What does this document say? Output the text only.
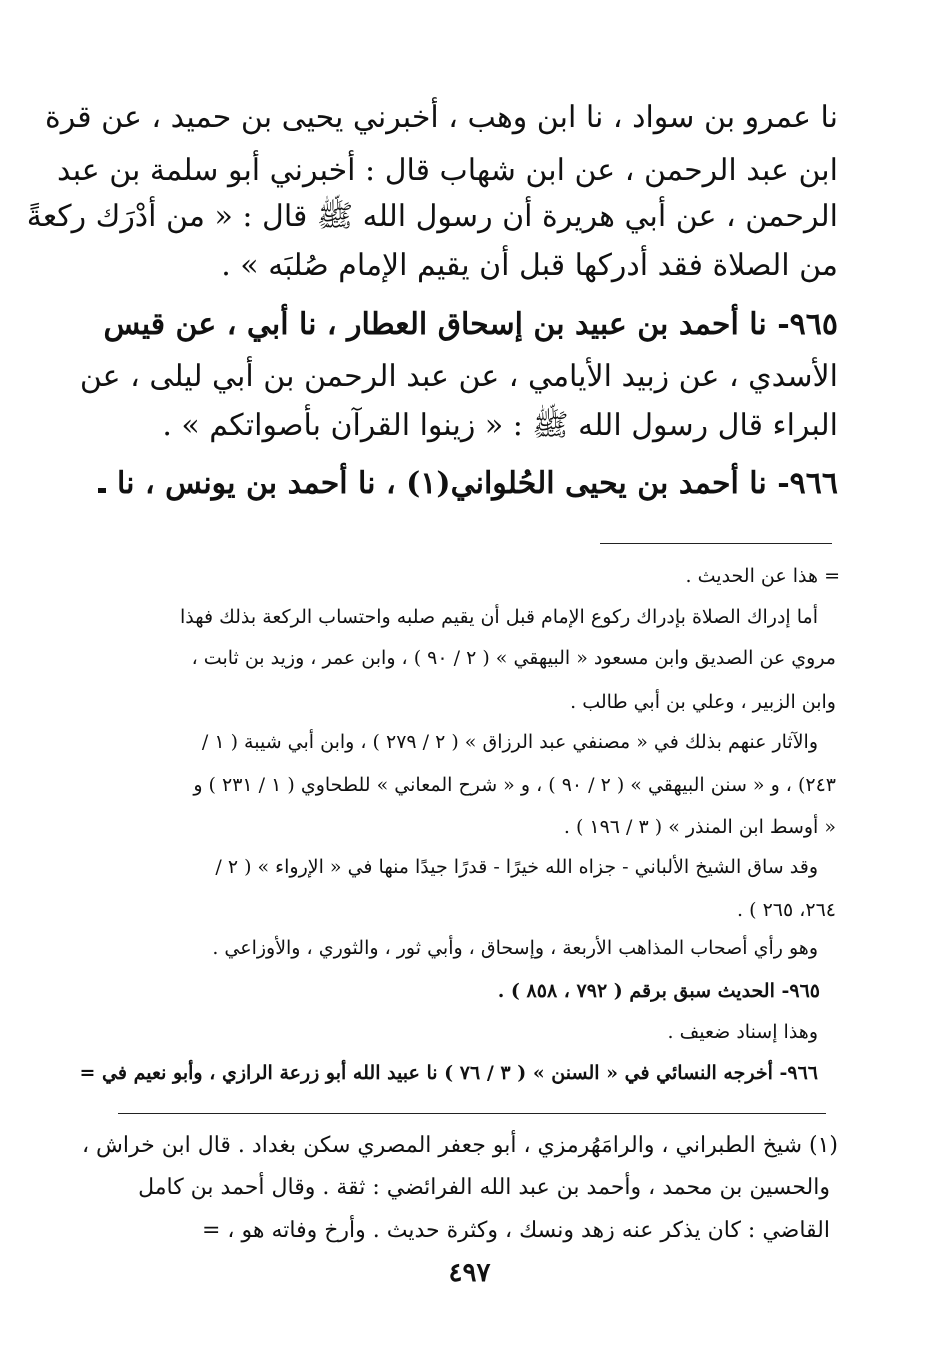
نا عمرو بن سواد ، نا ابن وهب ، أخبرني يحيى بن حميد ، عن قرة
ابن عبد الرحمن ، عن ابن شهاب قال : أخبرني أبو سلمة بن عبد
الرحمن ، عن أبي هريرة أن رسول الله ﷺ قال : « من أدْرَك ركعةً
من الصلاة فقد أدركها قبل أن يقيم الإمام صُلبَه » .
٩٦٥- نا أحمد بن عبيد بن إسحاق العطار ، نا أبي ، عن قيس
الأسدي ، عن زبيد الأيامي ، عن عبد الرحمن بن أبي ليلى ، عن
البراء قال رسول الله ﷺ : « زينوا القرآن بأصواتكم » .
٩٦٦- نا أحمد بن يحيى الحُلواني(١) ، نا أحمد بن يونس ، نا
= هذا عن الحديث .
أما إدراك الصلاة بإدراك ركوع الإمام قبل أن يقيم صلبه واحتساب الركعة بذلك فهذا
مروي عن الصديق وابن مسعود « البيهقي » ( ٢ / ٩٠ ) ، وابن عمر ، وزيد بن ثابت ،
وابن الزبير ، وعلي بن أبي طالب .
والآثار عنهم بذلك في « مصنفي عبد الرزاق » ( ٢ / ٢٧٩ ) ، وابن أبي شيبة ( ١ /
٢٤٣) ، و « سنن البيهقي » ( ٢ / ٩٠ ) ، و « شرح المعاني » للطحاوي ( ١ / ٢٣١ ) و
« أوسط ابن المنذر » ( ٣ / ١٩٦ ) .
وقد ساق الشيخ الألباني - جزاه الله خيرًا - قدرًا جيدًا منها في « الإرواء » ( ٢ /
٢٦٤، ٢٦٥ ) .
وهو رأي أصحاب المذاهب الأربعة ، وإسحاق ، وأبي ثور ، والثوري ، والأوزاعي .
٩٦٥- الحديث سبق برقم ( ٧٩٢ ، ٨٥٨ ) .
وهذا إسناد ضعيف .
٩٦٦- أخرجه النسائي في « السنن » ( ٣ / ٧٦ ) نا عبيد الله أبو زرعة الرازي ، وأبو نعيم في =
(١) شيخ الطبراني ، والرامَهُرمزي ، أبو جعفر المصري سكن بغداد . قال ابن خراش ،
والحسين بن محمد ، وأحمد بن عبد الله الفرائضي : ثقة . وقال أحمد بن كامل
القاضي : كان يذكر عنه زهد ونسك ، وكثرة حديث . وأرخ وفاته هو ، =
٤٩٧
